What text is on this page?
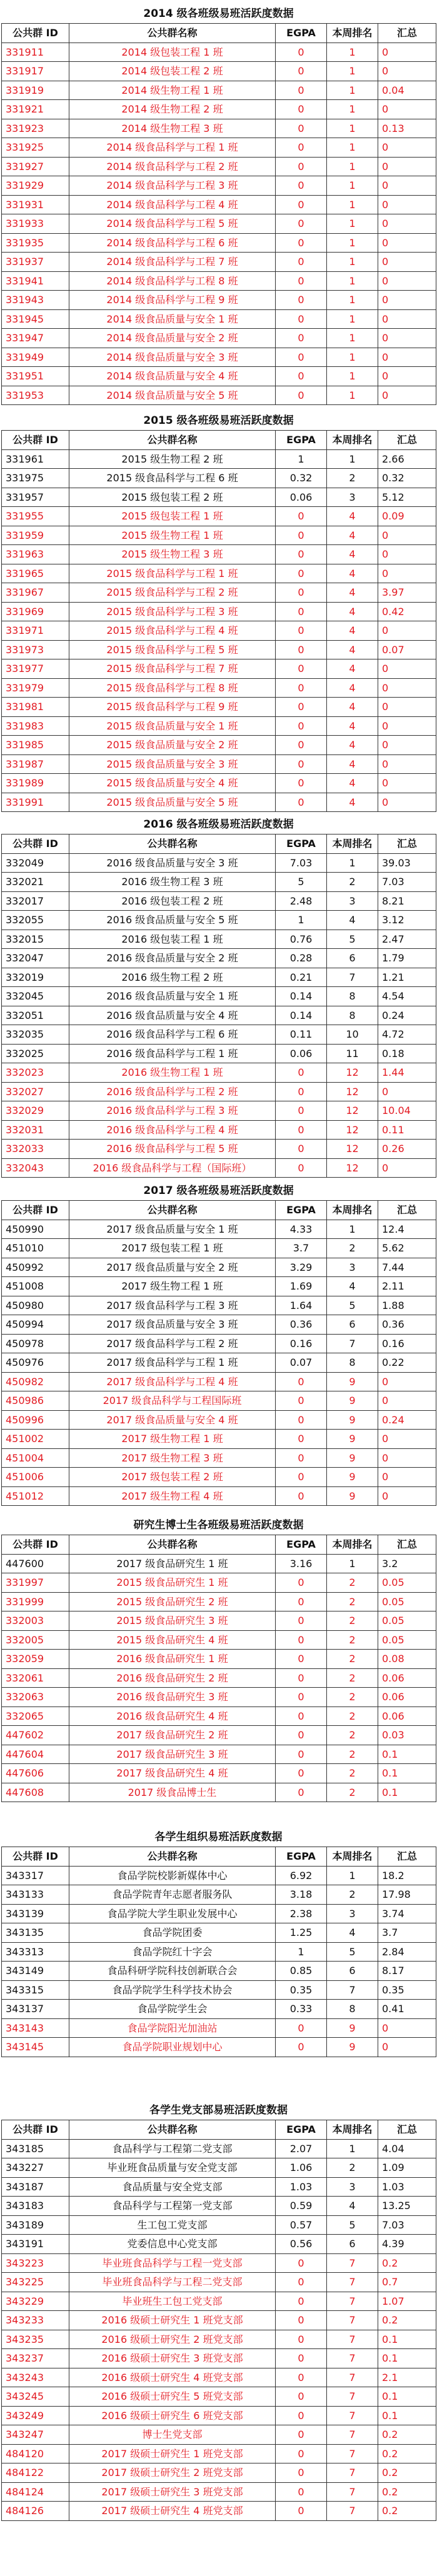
2014 级各班级易班活跃度数据
公共群 ID	公共群名称	EGPA	本周排名	汇总
331911	2014 级包装工程 1 班	0	1	0
331917	2014 级包装工程 2 班	0	1	0
331919	2014 级生物工程 1 班	0	1	0.04
331921	2014 级生物工程 2 班	0	1	0
331923	2014 级生物工程 3 班	0	1	0.13
331925	2014 级食品科学与工程 1 班	0	1	0
331927	2014 级食品科学与工程 2 班	0	1	0
331929	2014 级食品科学与工程 3 班	0	1	0
331931	2014 级食品科学与工程 4 班	0	1	0
331933	2014 级食品科学与工程 5 班	0	1	0
331935	2014 级食品科学与工程 6 班	0	1	0
331937	2014 级食品科学与工程 7 班	0	1	0
331941	2014 级食品科学与工程 8 班	0	1	0
331943	2014 级食品科学与工程 9 班	0	1	0
331945	2014 级食品质量与安全 1 班	0	1	0
331947	2014 级食品质量与安全 2 班	0	1	0
331949	2014 级食品质量与安全 3 班	0	1	0
331951	2014 级食品质量与安全 4 班	0	1	0
331953	2014 级食品质量与安全 5 班	0	1	0
2015 级各班级易班活跃度数据
公共群 ID	公共群名称	EGPA	本周排名	汇总
331961	2015 级生物工程 2 班	1	1	2.66
331975	2015 级食品科学与工程 6 班	0.32	2	0.32
331957	2015 级包装工程 2 班	0.06	3	5.12
331955	2015 级包装工程 1 班	0	4	0.09
331959	2015 级生物工程 1 班	0	4	0
331963	2015 级生物工程 3 班	0	4	0
331965	2015 级食品科学与工程 1 班	0	4	0
331967	2015 级食品科学与工程 2 班	0	4	3.97
331969	2015 级食品科学与工程 3 班	0	4	0.42
331971	2015 级食品科学与工程 4 班	0	4	0
331973	2015 级食品科学与工程 5 班	0	4	0.07
331977	2015 级食品科学与工程 7 班	0	4	0
331979	2015 级食品科学与工程 8 班	0	4	0
331981	2015 级食品科学与工程 9 班	0	4	0
331983	2015 级食品质量与安全 1 班	0	4	0
331985	2015 级食品质量与安全 2 班	0	4	0
331987	2015 级食品质量与安全 3 班	0	4	0
331989	2015 级食品质量与安全 4 班	0	4	0
331991	2015 级食品质量与安全 5 班	0	4	0
2016 级各班级易班活跃度数据
公共群 ID	公共群名称	EGPA	本周排名	汇总
332049	2016 级食品质量与安全 3 班	7.03	1	39.03
332021	2016 级生物工程 3 班	5	2	7.03
332017	2016 级包装工程 2 班	2.48	3	8.21
332055	2016 级食品质量与安全 5 班	1	4	3.12
332015	2016 级包装工程 1 班	0.76	5	2.47
332047	2016 级食品质量与安全 2 班	0.28	6	1.79
332019	2016 级生物工程 2 班	0.21	7	1.21
332045	2016 级食品质量与安全 1 班	0.14	8	4.54
332051	2016 级食品质量与安全 4 班	0.14	8	0.24
332035	2016 级食品科学与工程 6 班	0.11	10	4.72
332025	2016 级食品科学与工程 1 班	0.06	11	0.18
332023	2016 级生物工程 1 班	0	12	1.44
332027	2016 级食品科学与工程 2 班	0	12	0
332029	2016 级食品科学与工程 3 班	0	12	10.04
332031	2016 级食品科学与工程 4 班	0	12	0.11
332033	2016 级食品科学与工程 5 班	0	12	0.26
332043	2016 级食品科学与工程（国际班）	0	12	0
2017 级各班级易班活跃度数据
公共群 ID	公共群名称	EGPA	本周排名	汇总
450990	2017 级食品质量与安全 1 班	4.33	1	12.4
451010	2017 级包装工程 1 班	3.7	2	5.62
450992	2017 级食品质量与安全 2 班	3.29	3	7.44
451008	2017 级生物工程 1 班	1.69	4	2.11
450980	2017 级食品科学与工程 3 班	1.64	5	1.88
450994	2017 级食品质量与安全 3 班	0.36	6	0.36
450978	2017 级食品科学与工程 2 班	0.16	7	0.16
450976	2017 级食品科学与工程 1 班	0.07	8	0.22
450982	2017 级食品科学与工程 4 班	0	9	0
450986	2017 级食品科学与工程国际班	0	9	0
450996	2017 级食品质量与安全 4 班	0	9	0.24
451002	2017 级生物工程 1 班	0	9	0
451004	2017 级生物工程 3 班	0	9	0
451006	2017 级包装工程 2 班	0	9	0
451012	2017 级生物工程 4 班	0	9	0
研究生博士生各班级易班活跃度数据
公共群 ID	公共群名称	EGPA	本周排名	汇总
447600	2017 级食品研究生 1 班	3.16	1	3.2
331997	2015 级食品研究生 1 班	0	2	0.05
331999	2015 级食品研究生 2 班	0	2	0.05
332003	2015 级食品研究生 3 班	0	2	0.05
332005	2015 级食品研究生 4 班	0	2	0.05
332059	2016 级食品研究生 1 班	0	2	0.08
332061	2016 级食品研究生 2 班	0	2	0.06
332063	2016 级食品研究生 3 班	0	2	0.06
332065	2016 级食品研究生 4 班	0	2	0.06
447602	2017 级食品研究生 2 班	0	2	0.03
447604	2017 级食品研究生 3 班	0	2	0.1
447606	2017 级食品研究生 4 班	0	2	0.1
447608	2017 级食品博士生	0	2	0.1
各学生组织易班活跃度数据
公共群 ID	公共群名称	EGPA	本周排名	汇总
343317	食品学院校影新媒体中心	6.92	1	18.2
343133	食品学院青年志愿者服务队	3.18	2	17.98
343139	食品学院大学生职业发展中心	2.38	3	3.74
343135	食品学院团委	1.25	4	3.7
343313	食品学院红十字会	1	5	2.84
343149	食品科研学院科技创新联合会	0.85	6	8.17
343315	食品学院学生科学技术协会	0.35	7	0.35
343137	食品学院学生会	0.33	8	0.41
343143	食品学院阳光加油站	0	9	0
343145	食品学院职业规划中心	0	9	0
各学生党支部易班活跃度数据
公共群 ID	公共群名称	EGPA	本周排名	汇总
343185	食品科学与工程第二党支部	2.07	1	4.04
343227	毕业班食品质量与安全党支部	1.06	2	1.09
343187	食品质量与安全党支部	1.03	3	1.03
343183	食品科学与工程第一党支部	0.59	4	13.25
343189	生工包工党支部	0.57	5	7.03
343191	党委信息中心党支部	0.56	6	4.39
343223	毕业班食品科学与工程一党支部	0	7	0.2
343225	毕业班食品科学与工程二党支部	0	7	0.7
343229	毕业班生工包工党支部	0	7	1.07
343233	2016 级硕士研究生 1 班党支部	0	7	0.2
343235	2016 级硕士研究生 2 班党支部	0	7	0.1
343237	2016 级硕士研究生 3 班党支部	0	7	0.1
343243	2016 级硕士研究生 4 班党支部	0	7	2.1
343245	2016 级硕士研究生 5 班党支部	0	7	0.1
343249	2016 级硕士研究生 6 班党支部	0	7	0.1
343247	博士生党支部	0	7	0.2
484120	2017 级硕士研究生 1 班党支部	0	7	0.2
484122	2017 级硕士研究生 2 班党支部	0	7	0.2
484124	2017 级硕士研究生 3 班党支部	0	7	0.2
484126	2017 级硕士研究生 4 班党支部	0	7	0.2
